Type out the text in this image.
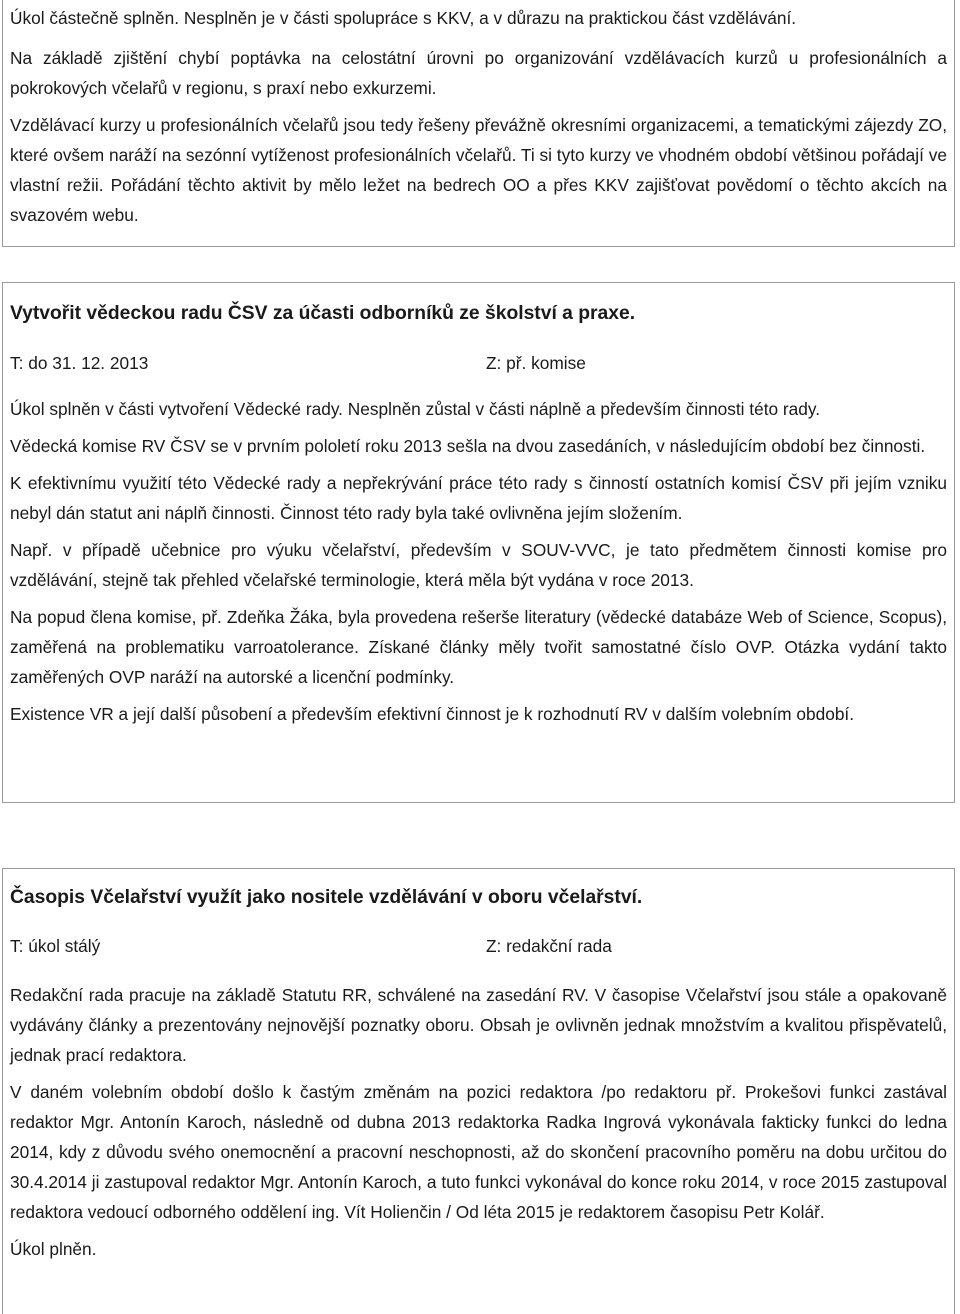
Úkol částečně splněn. Nesplněn je v části spolupráce s KKV, a v důrazu na praktickou část vzdělávání.

Na základě zjištění chybí poptávka na celostátní úrovni po organizování vzdělávacích kurzů u profesionálních a pokrokových včelařů v regionu, s praxí nebo exkurzemi.

Vzdělávací kurzy u profesionálních včelařů jsou tedy řešeny převážně okresními organizacemi, a tematickými zájezdy ZO, které ovšem naráží na sezónní vytíženost profesionálních včelařů. Ti si tyto kurzy ve vhodném období většinou pořádají ve vlastní režii. Pořádání těchto aktivit by mělo ležet na bedrech OO a přes KKV zajišťovat povědomí o těchto akcích na svazovém webu.

Vytvořit vědeckou radu ČSV za účasti odborníků ze školství a praxe.
T: do 31. 12. 2013	Z: př. komise

Úkol splněn v části vytvoření Vědecké rady. Nesplněn zůstal v části náplně a především činnosti této rady.

Vědecká komise RV ČSV se v prvním pololetí roku 2013 sešla na dvou zasedáních, v následujícím období bez činnosti.

K efektivnímu využití této Vědecké rady a nepřekrývání práce této rady s činností ostatních komisí ČSV při jejím vzniku nebyl dán statut ani náplň činnosti. Činnost této rady byla také ovlivněna jejím složením.

Např. v případě učebnice pro výuku včelařství, především v SOUV-VVC, je tato předmětem činnosti komise pro vzdělávání, stejně tak přehled včelařské terminologie, která měla být vydána v roce 2013.

Na popud člena komise, př. Zdeňka Žáka, byla provedena rešerše literatury (vědecké databáze Web of Science, Scopus), zaměřená na problematiku varroatolerance. Získané články měly tvořit samostatné číslo OVP. Otázka vydání takto zaměřených OVP naráží na autorské a licenční podmínky.

Existence VR a její další působení a především efektivní činnost je k rozhodnutí RV v dalším volebním období.

Časopis Včelařství využít jako nositele vzdělávání v oboru včelařství.
T: úkol stálý	Z: redakční rada

Redakční rada pracuje na základě Statutu RR, schválené na zasedání RV. V časopise Včelařství jsou stále a opakovaně vydávány články a prezentovány nejnovější poznatky oboru. Obsah je ovlivněn jednak množstvím a kvalitou přispěvatelů, jednak prací redaktora.

V daném volebním období došlo k častým změnám na pozici redaktora /po redaktoru př. Prokešovi funkci zastával redaktor Mgr. Antonín Karoch, následně od dubna 2013 redaktorka Radka Ingrová vykonávala fakticky funkci do ledna 2014, kdy z důvodu svého onemocnění a pracovní neschopnosti, až do skončení pracovního poměru na dobu určitou do 30.4.2014 ji zastupoval redaktor Mgr. Antonín Karoch, a tuto funkci vykonával do konce roku 2014, v roce 2015 zastupoval redaktora vedoucí odborného oddělení ing. Vít Holienčin / Od léta 2015 je redaktorem časopisu Petr Kolář.

Úkol plněn.
